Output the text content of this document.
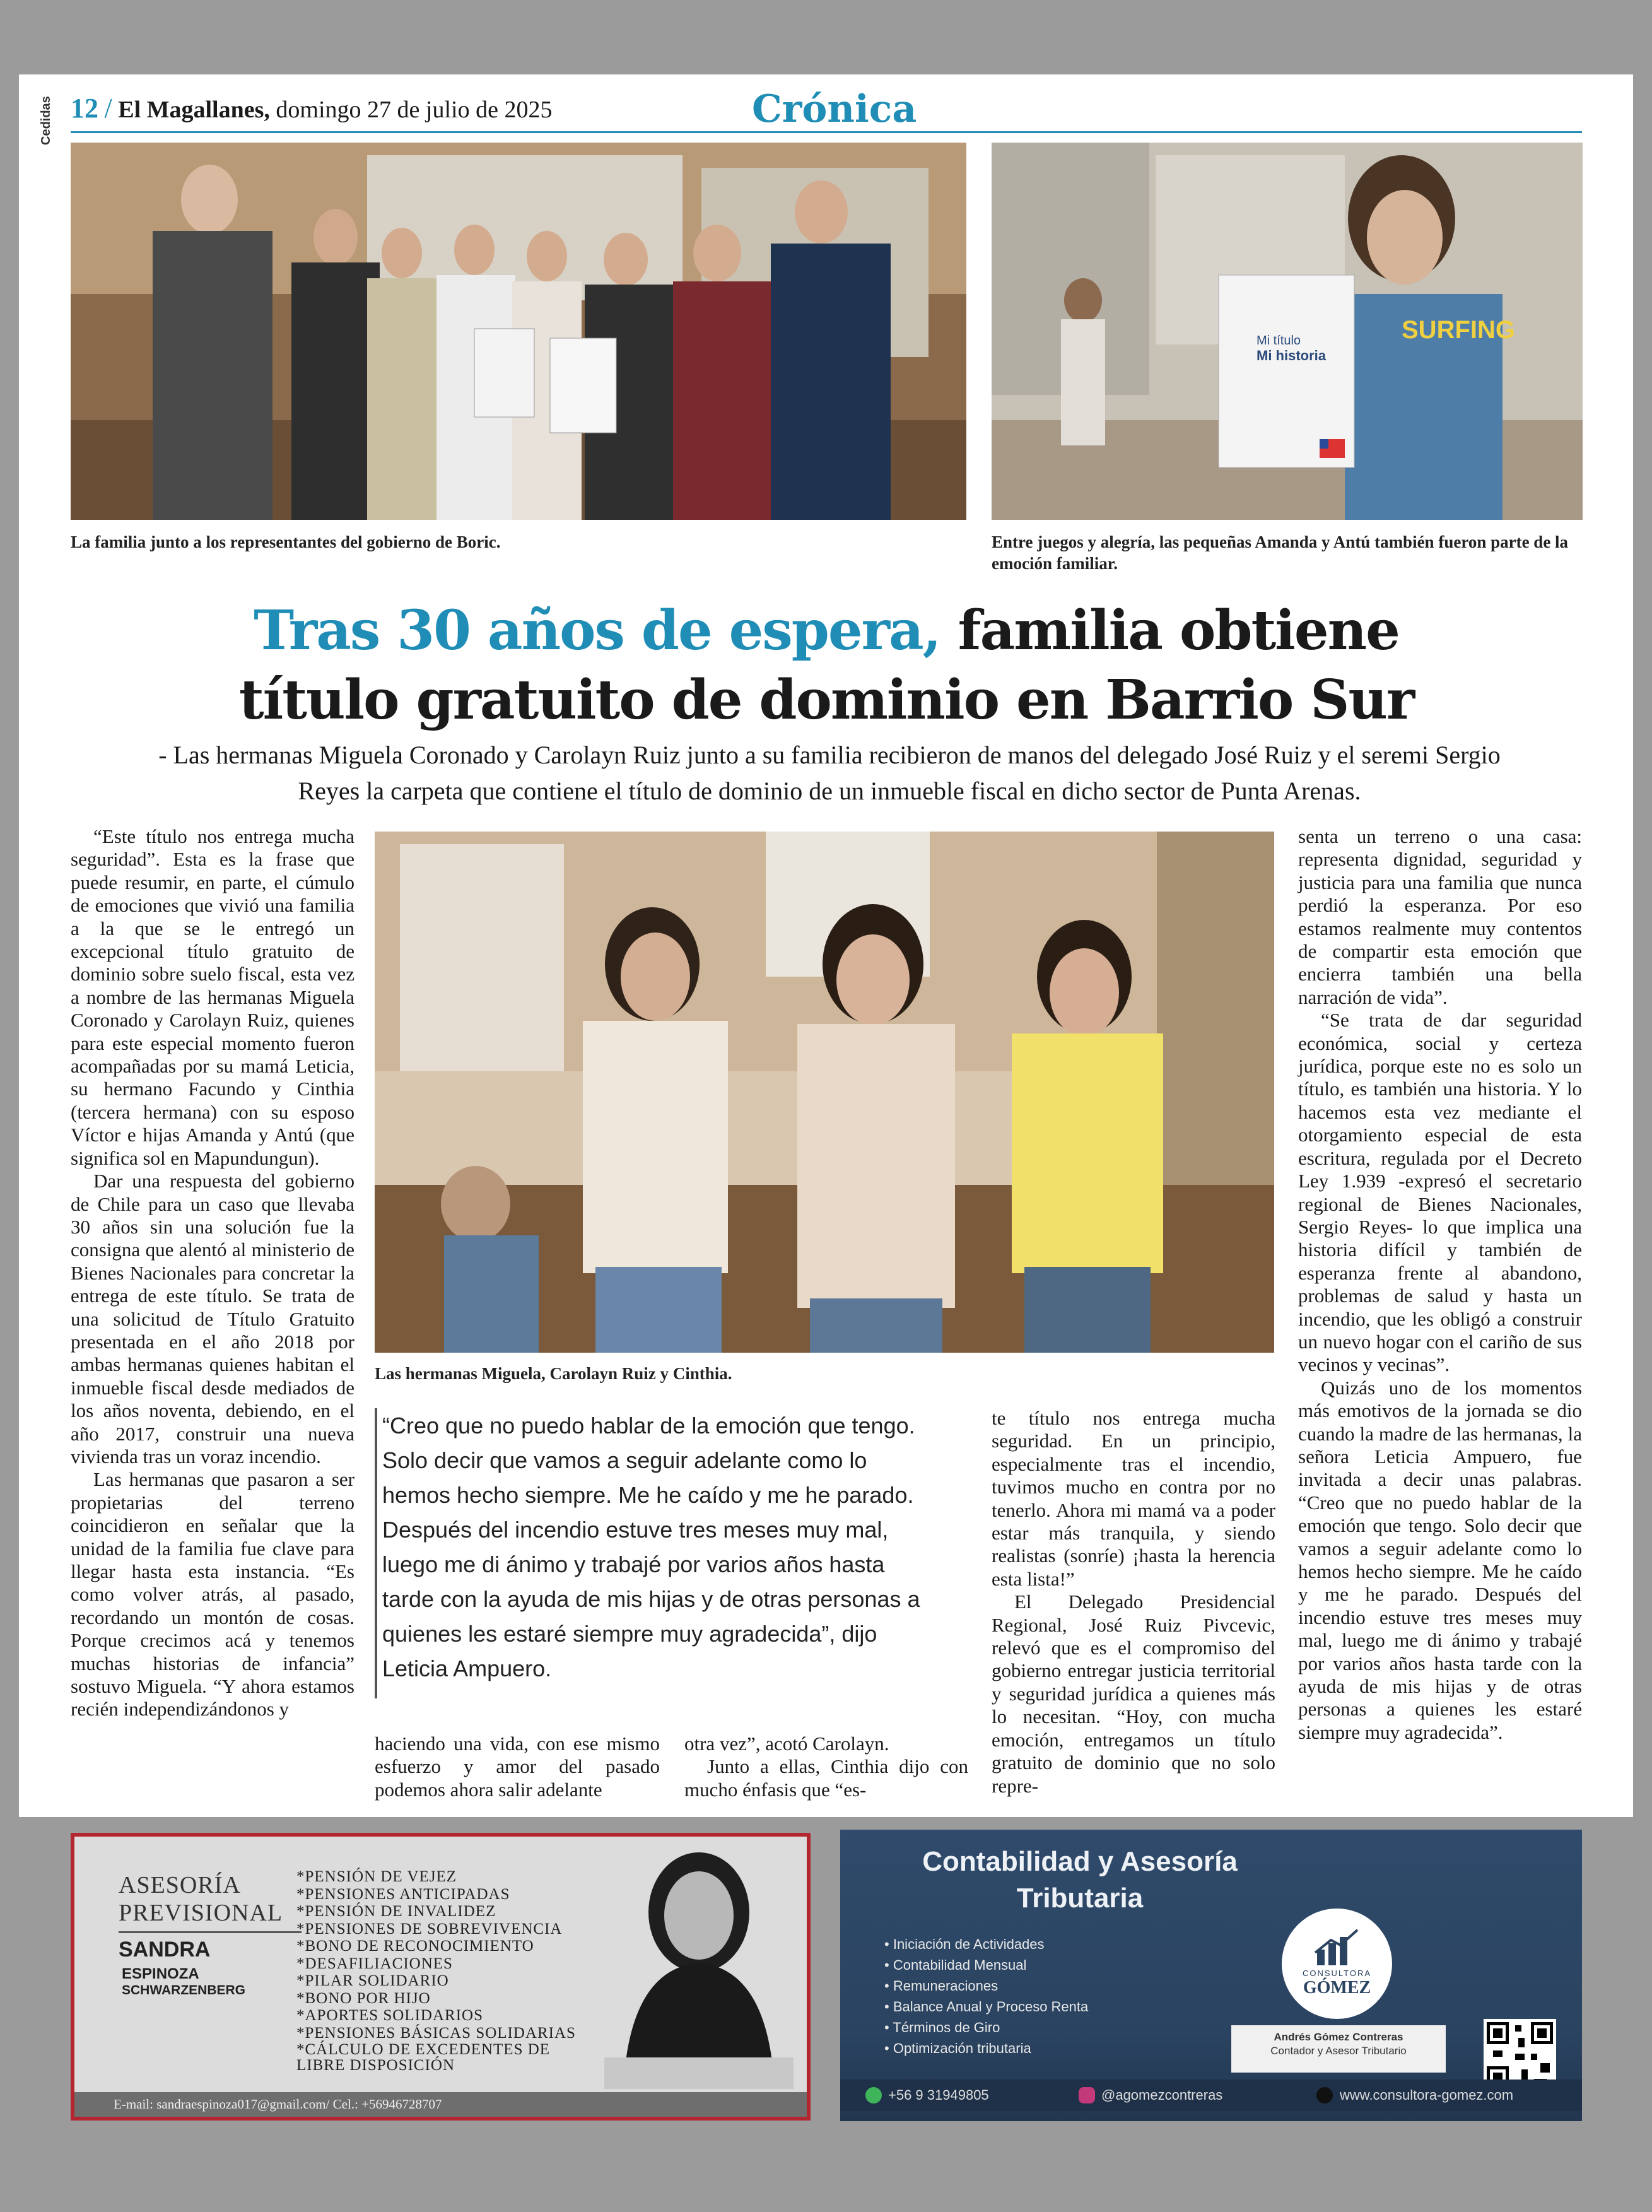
12 / El Magallanes, domingo 27 de julio de 2025	Crónica
Cedidas
SURFING
Mi título
Mi historia
La familia junto a los representantes del gobierno de Boric.	Entre juegos y alegría, las pequeñas Amanda y Antú también fueron parte de la emoción familiar.
Tras 30 años de espera, familia obtiene
título gratuito de dominio en Barrio Sur
- Las hermanas Miguela Coronado y Carolayn Ruiz junto a su familia recibieron de manos del delegado José Ruiz y el seremi Sergio Reyes la carpeta que contiene el título de dominio de un inmueble fiscal en dicho sector de Punta Arenas.

“Este título nos entrega mucha seguridad”. Esta es la frase que puede resumir, en parte, el cúmulo de emociones que vivió una familia a la que se le entregó un excepcional título gratuito de dominio sobre suelo fiscal, esta vez a nombre de las hermanas Miguela Coronado y Carolayn Ruiz, quienes para este especial momento fueron acompañadas por su mamá Leticia, su hermano Facundo y Cinthia (tercera hermana) con su esposo Víctor e hijas Amanda y Antú (que significa sol en Mapundungun).

Dar una respuesta del gobierno de Chile para un caso que llevaba 30 años sin una solución fue la consigna que alentó al ministerio de Bienes Nacionales para concretar la entrega de este título. Se trata de una solicitud de Título Gratuito presentada en el año 2018 por ambas hermanas quienes habitan el inmueble fiscal desde mediados de los años noventa, debiendo, en el año 2017, construir una nueva vivienda tras un voraz incendio.

Las hermanas que pasaron a ser propietarias del terreno coincidieron en señalar que la unidad de la familia fue clave para llegar hasta esta instancia. “Es como volver atrás, al pasado, recordando un montón de cosas. Porque crecimos acá y tenemos muchas historias de infancia” sostuvo Miguela. “Y ahora estamos recién independizándonos y

Las hermanas Miguela, Carolayn Ruiz y Cinthia.
“Creo que no puedo hablar de la emoción que tengo. Solo decir que vamos a seguir adelante como lo hemos hecho siempre. Me he caído y me he parado. Después del incendio estuve tres meses muy mal, luego me di ánimo y trabajé por varios años hasta tarde con la ayuda de mis hijas y de otras personas a quienes les estaré siempre muy agradecida”, dijo Leticia Ampuero.

haciendo una vida, con ese mismo esfuerzo y amor del pasado podemos ahora salir adelante

otra vez”, acotó Carolayn.

Junto a ellas, Cinthia dijo con mucho énfasis que “es-

te título nos entrega mucha seguridad. En un principio, especialmente tras el incendio, tuvimos mucho en contra por no tenerlo. Ahora mi mamá va a poder estar más tranquila, y siendo realistas (sonríe) ¡hasta la herencia esta lista!”

El Delegado Presidencial Regional, José Ruiz Pivcevic, relevó que es el compromiso del gobierno entregar justicia territorial y seguridad jurídica a quienes más lo necesitan. “Hoy, con mucha emoción, entregamos un título gratuito de dominio que no solo repre-

senta un terreno o una casa: representa dignidad, seguridad y justicia para una familia que nunca perdió la esperanza. Por eso estamos realmente muy contentos de compartir esta emoción que encierra también una bella narración de vida”.

“Se trata de dar seguridad económica, social y certeza jurídica, porque este no es solo un título, es también una historia. Y lo hacemos esta vez mediante el otorgamiento especial de esta escritura, regulada por el Decreto Ley 1.939 -expresó el secretario regional de Bienes Nacionales, Sergio Reyes- lo que implica una historia difícil y también de esperanza frente al abandono, problemas de salud y hasta un incendio, que les obligó a construir un nuevo hogar con el cariño de sus vecinos y vecinas”.

Quizás uno de los momentos más emotivos de la jornada se dio cuando la madre de las hermanas, la señora Leticia Ampuero, fue invitada a decir unas palabras. “Creo que no puedo hablar de la emoción que tengo. Solo decir que vamos a seguir adelante como lo hemos hecho siempre. Me he caído y me he parado. Después del incendio estuve tres meses muy mal, luego me di ánimo y trabajé por varios años hasta tarde con la ayuda de mis hijas y de otras personas a quienes les estaré siempre muy agradecida”.

ASESORÍA
PREVISIONAL
SANDRA
ESPINOZA
SCHWARZENBERG
* PENSIÓN DE VEJEZ
* PENSIONES ANTICIPADAS
* PENSIÓN DE INVALIDEZ
* PENSIONES DE SOBREVIVENCIA
* BONO DE RECONOCIMIENTO
* DESAFILIACIONES
* PILAR SOLIDARIO
* BONO POR HIJO
* APORTES SOLIDARIOS
* PENSIONES BÁSICAS SOLIDARIAS
* CÁLCULO DE EXCEDENTES DE LIBRE DISPOSICIÓN
E-mail: sandraespinoza017@gmail.com/ Cel.: +56946728707
Contabilidad y Asesoría
Tributaria
• Iniciación de Actividades
• Contabilidad Mensual
• Remuneraciones
• Balance Anual y Proceso Renta
• Términos de Giro
• Optimización tributaria
CONSULTORA
GÓMEZ
Andrés Gómez Contreras
Contador y Asesor Tributario
+56 9 31949805	@agomezcontreras	www.consultora-gomez.com
